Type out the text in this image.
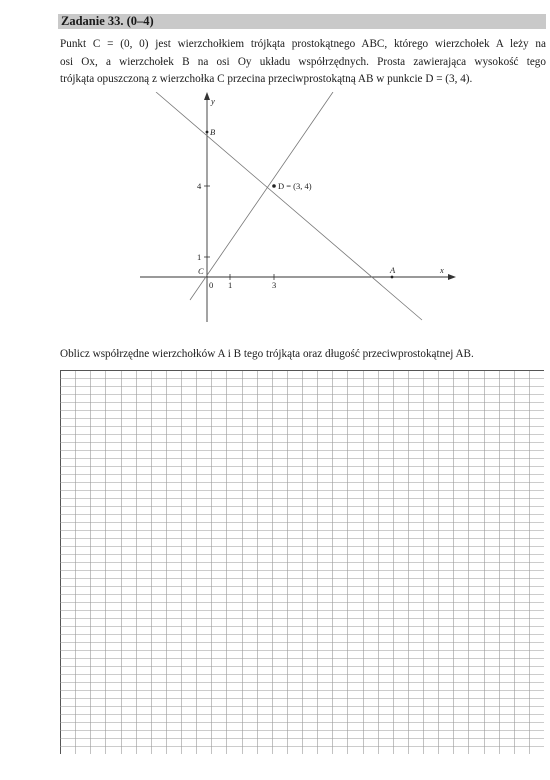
Zadanie 33. (0–4)
Punkt C = (0, 0) jest wierzchołkiem trójkąta prostokątnego ABC, którego wierzchołek A leży na
osi Ox, a wierzchołek B na osi Oy układu współrzędnych. Prosta zawierająca wysokość tego
trójkąta opuszczoną z wierzchołka C przecina przeciwprostokątną AB w punkcie D = (3, 4).
y
x
0 1	3
1
4
B
C	A
D = (3, 4)
Oblicz współrzędne wierzchołków A i B tego trójkąta oraz długość przeciwprostokątnej AB.
